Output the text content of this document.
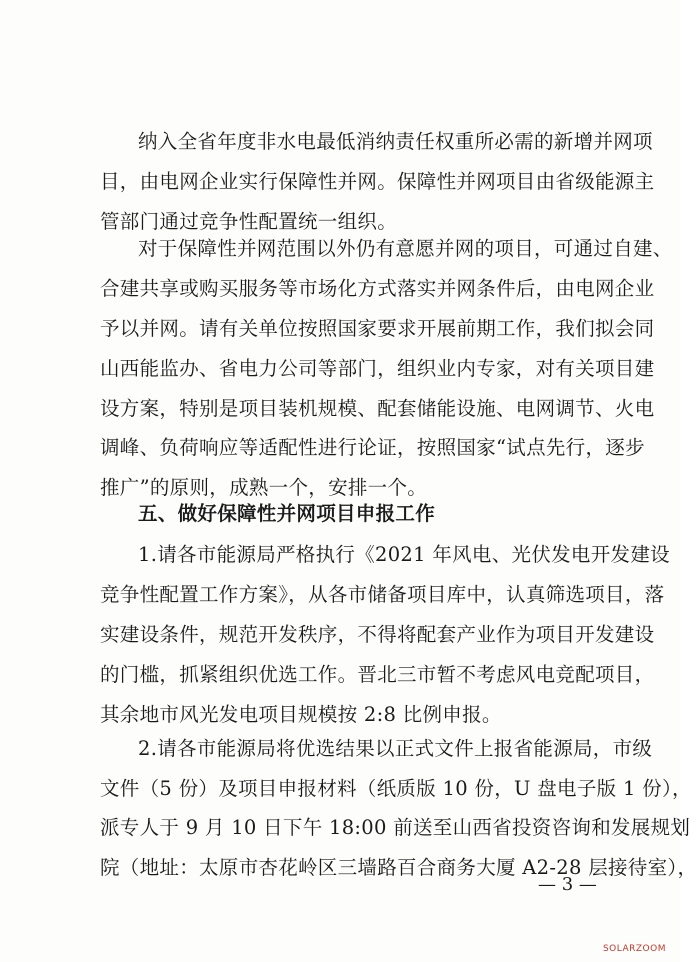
纳入全省年度非水电最低消纳责任权重所必需的新增并网项
目，由电网企业实行保障性并网。保障性并网项目由省级能源主
管部门通过竞争性配置统一组织。
对于保障性并网范围以外仍有意愿并网的项目，可通过自建、
合建共享或购买服务等市场化方式落实并网条件后，由电网企业
予以并网。请有关单位按照国家要求开展前期工作，我们拟会同
山西能监办、省电力公司等部门，组织业内专家，对有关项目建
设方案，特别是项目装机规模、配套储能设施、电网调节、火电
调峰、负荷响应等适配性进行论证，按照国家“试点先行，逐步
推广”的原则，成熟一个，安排一个。
五、做好保障性并网项目申报工作
1.请各市能源局严格执行《2021 年风电、光伏发电开发建设
竞争性配置工作方案》，从各市储备项目库中，认真筛选项目，落
实建设条件，规范开发秩序，不得将配套产业作为项目开发建设
的门槛，抓紧组织优选工作。晋北三市暂不考虑风电竞配项目，
其余地市风光发电项目规模按 2:8 比例申报。
2.请各市能源局将优选结果以正式文件上报省能源局，市级
文件（5 份）及项目申报材料（纸质版 10 份，U 盘电子版 1 份），
派专人于 9 月 10 日下午 18:00 前送至山西省投资咨询和发展规划
院（地址：太原市杏花岭区三墙路百合商务大厦 A2-28 层接待室），
— 3 —
SOLARZOOM
